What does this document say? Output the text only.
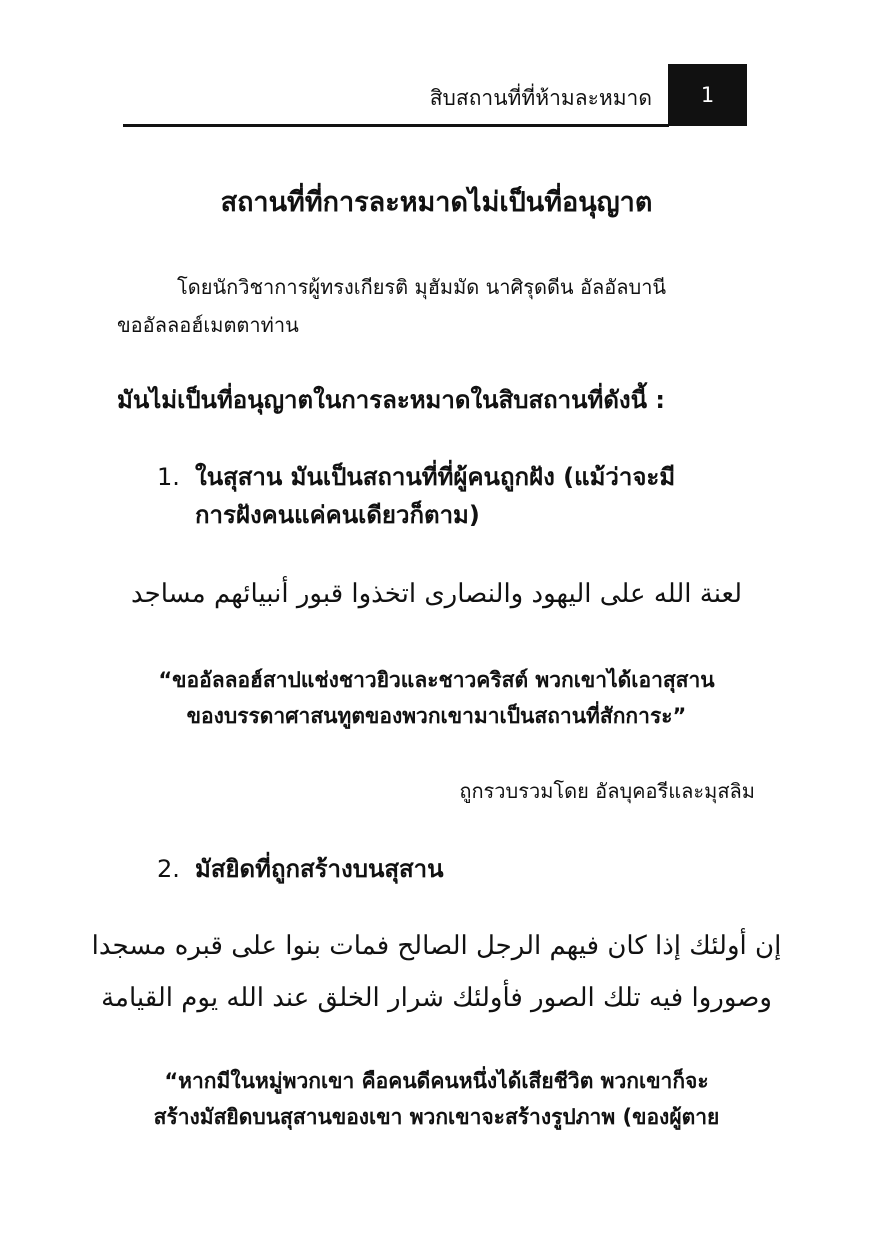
สิบสถานที่ที่ห้ามละหมาด 1
สถานที่ที่การละหมาดไม่เป็นที่อนุญาต
โดยนักวิชาการผู้ทรงเกียรติ มุฮัมมัด นาศิรุดดีน อัลอัลบานี
ขออัลลอฮ์เมตตาท่าน
มันไม่เป็นที่อนุญาตในการละหมาดในสิบสถานที่ดังนี้ :
1. ในสุสาน มันเป็นสถานที่ที่ผู้คนถูกฝัง (แม้ว่าจะมี
การฝังคนแค่คนเดียวก็ตาม)
لعنة الله على اليهود والنصارى اتخذوا قبور أنبيائهم مساجد
“ขออัลลอฮ์สาปแช่งชาวยิวและชาวคริสต์ พวกเขาได้เอาสุสาน
ของบรรดาศาสนทูตของพวกเขามาเป็นสถานที่สักการะ”
ถูกรวบรวมโดย อัลบุคอรีและมุสลิม
2. มัสยิดที่ถูกสร้างบนสุสาน
إن أولئك إذا كان فيهم الرجل الصالح فمات بنوا على قبره مسجدا
وصوروا فيه تلك الصور فأولئك شرار الخلق عند الله يوم القيامة
“หากมีในหมู่พวกเขา คือคนดีคนหนึ่งได้เสียชีวิต พวกเขาก็จะ
สร้างมัสยิดบนสุสานของเขา พวกเขาจะสร้างรูปภาพ (ของผู้ตาย
